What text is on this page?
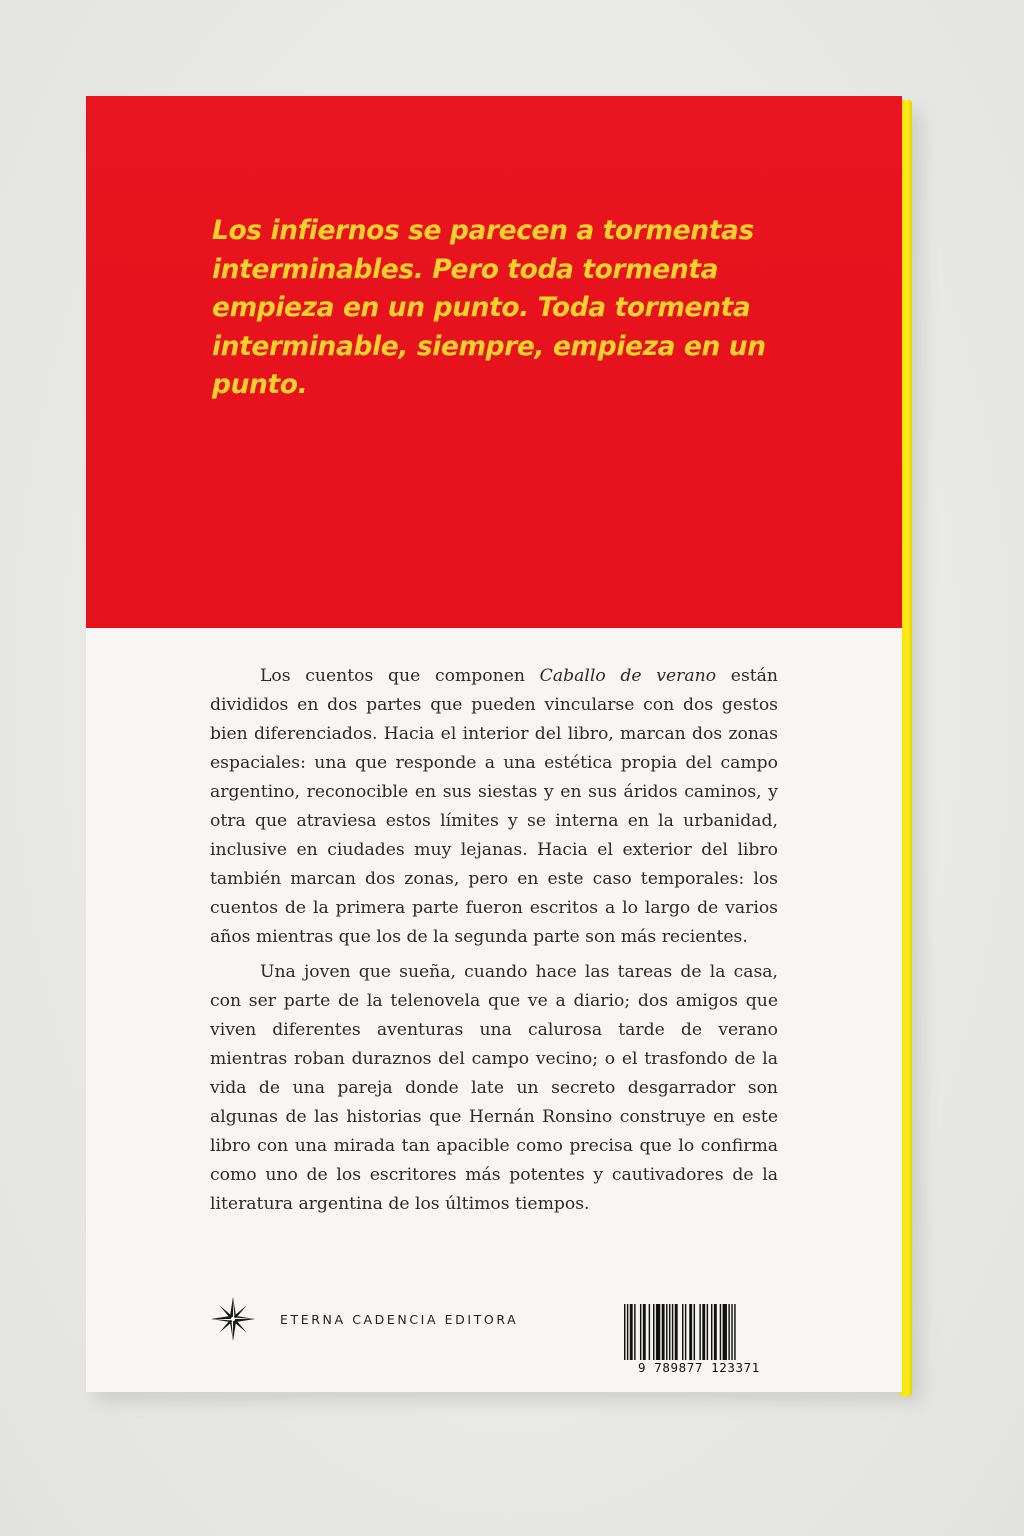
Los infiernos se parecen a tormentas interminables. Pero toda tormenta empieza en un punto. Toda tormenta interminable, siempre, empieza en un punto.

Los cuentos que componen Caballo de verano están divididos en dos partes que pueden vincularse con dos gestos bien diferenciados. Hacia el interior del libro, marcan dos zonas espaciales: una que responde a una estética propia del campo argentino, reconocible en sus siestas y en sus áridos caminos, y otra que atraviesa estos límites y se interna en la urbanidad, inclusive en ciudades muy lejanas. Hacia el exterior del libro también marcan dos zonas, pero en este caso temporales: los cuentos de la primera parte fueron escritos a lo largo de varios años mientras que los de la segunda parte son más recientes.

Una joven que sueña, cuando hace las tareas de la casa, con ser parte de la telenovela que ve a diario; dos amigos que viven diferentes aventuras una calurosa tarde de verano mientras roban duraznos del campo vecino; o el trasfondo de la vida de una pareja donde late un secreto desgarrador son algunas de las historias que Hernán Ronsino construye en este libro con una mirada tan apacible como precisa que lo confirma como uno de los escritores más potentes y cautivadores de la literatura argentina de los últimos tiempos.

ETERNA CADENCIA EDITORA
9 789877 123371
